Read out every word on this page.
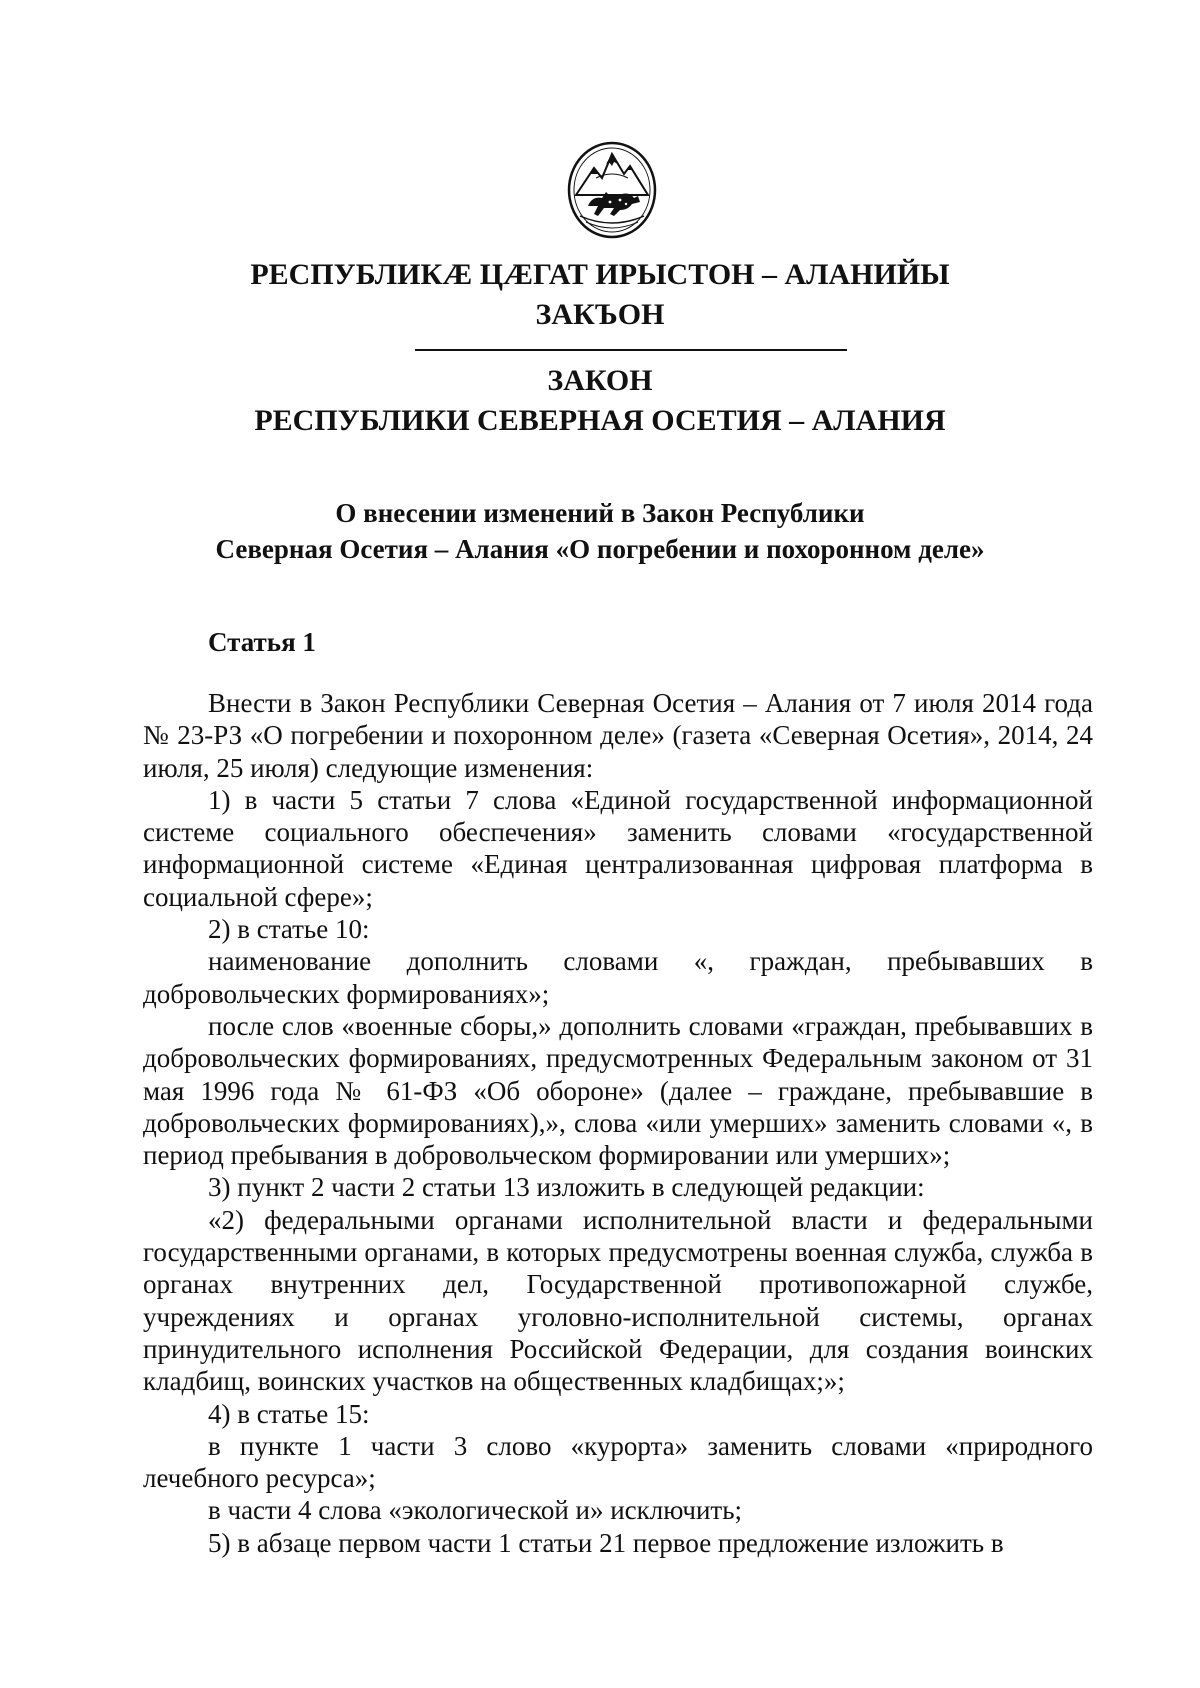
РЕСПУБЛИКÆ ЦÆГАТ ИРЫСТОН – АЛАНИЙЫ
ЗАКЪОН
ЗАКОН
РЕСПУБЛИКИ СЕВЕРНАЯ ОСЕТИЯ – АЛАНИЯ
О внесении изменений в Закон Республики
Северная Осетия – Алания «О погребении и похоронном деле»
Статья 1

Внести в Закон Республики Северная Осетия – Алания от 7 июля 2014 года № 23-РЗ «О погребении и похоронном деле» (газета «Северная Осетия», 2014, 24 июля, 25 июля) следующие изменения:

1) в части 5 статьи 7 слова «Единой государственной информационной системе социального обеспечения» заменить словами «государственной информационной системе «Единая централизованная цифровая платформа в социальной сфере»;

2) в статье 10:

наименование дополнить словами «, граждан, пребывавших в добровольческих формированиях»;

после слов «военные сборы,» дополнить словами «граждан, пребывавших в добровольческих формированиях, предусмотренных Федеральным законом от 31 мая 1996 года № 61-ФЗ «Об обороне» (далее – граждане, пребывавшие в добровольческих формированиях),», слова «или умерших» заменить словами «, в период пребывания в добровольческом формировании или умерших»;

3) пункт 2 части 2 статьи 13 изложить в следующей редакции:

«2) федеральными органами исполнительной власти и федеральными государственными органами, в которых предусмотрены военная служба, служба в органах внутренних дел, Государственной противопожарной службе, учреждениях и органах уголовно-исполнительной системы, органах принудительного исполнения Российской Федерации, для создания воинских кладбищ, воинских участков на общественных кладбищах;»;

4) в статье 15:

в пункте 1 части 3 слово «курорта» заменить словами «природного лечебного ресурса»;

в части 4 слова «экологической и» исключить;

5) в абзаце первом части 1 статьи 21 первое предложение изложить в
